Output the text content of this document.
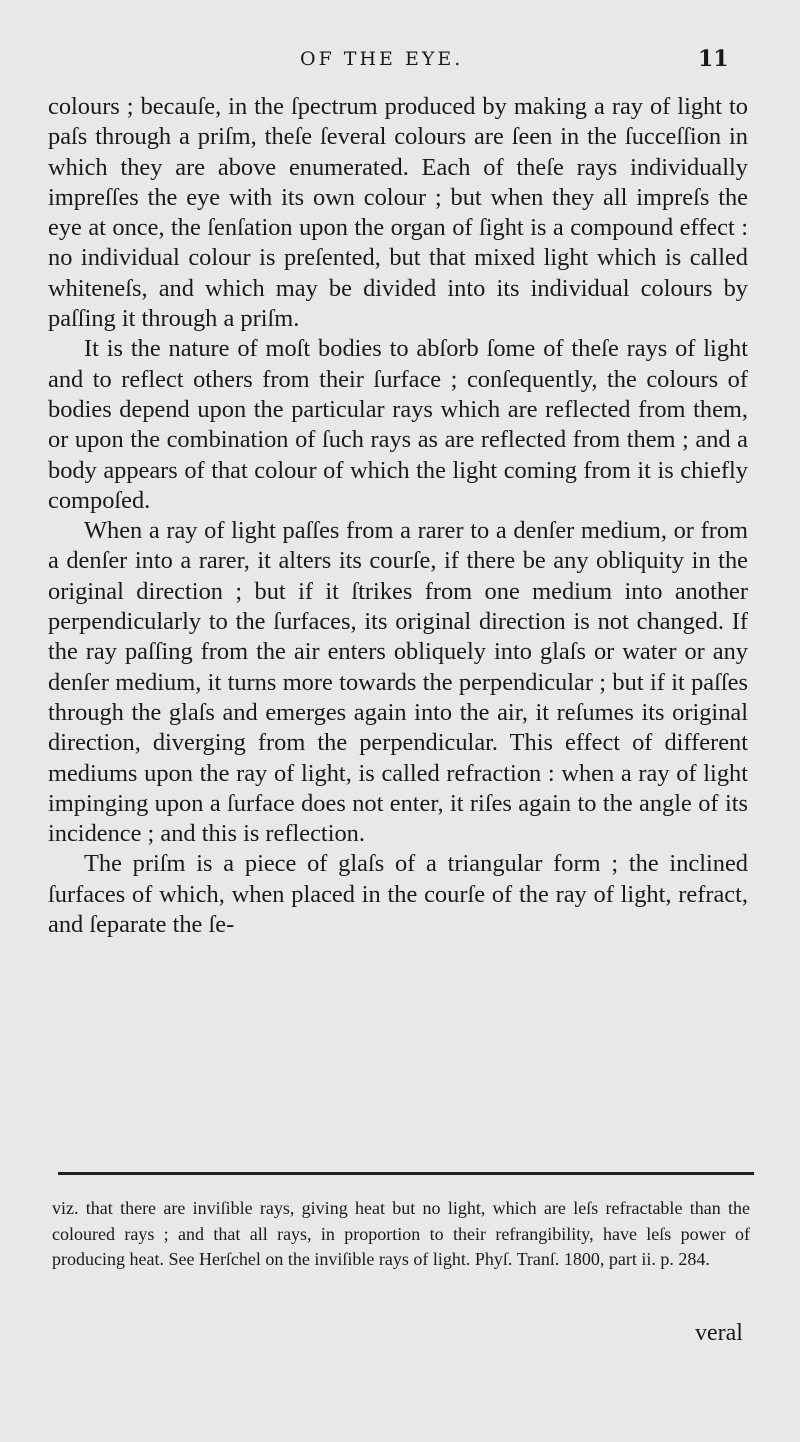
OF THE EYE.	11

colours ; becauſe, in the ſpectrum produced by making a ray of light to paſs through a priſm, theſe ſeveral colours are ſeen in the ſucceſſion in which they are above enumerated. Each of theſe rays individually impreſſes the eye with its own colour ; but when they all impreſs the eye at once, the ſenſation upon the organ of ſight is a compound effect : no individual colour is preſented, but that mixed light which is called whiteneſs, and which may be divided into its individual colours by paſſing it through a priſm.

It is the nature of moſt bodies to abſorb ſome of theſe rays of light and to reflect others from their ſurface ; conſequently, the colours of bodies depend upon the particular rays which are reflected from them, or upon the combination of ſuch rays as are reflected from them ; and a body appears of that colour of which the light coming from it is chiefly compoſed.

When a ray of light paſſes from a rarer to a denſer medium, or from a denſer into a rarer, it alters its courſe, if there be any obliquity in the original direction ; but if it ſtrikes from one medium into another perpendicularly to the ſurfaces, its original direction is not changed. If the ray paſſing from the air enters obliquely into glaſs or water or any denſer medium, it turns more towards the perpendicular ; but if it paſſes through the glaſs and emerges again into the air, it reſumes its original direction, diverging from the perpendicular. This effect of different mediums upon the ray of light, is called refraction : when a ray of light impinging upon a ſurface does not enter, it riſes again to the angle of its incidence ; and this is reflection.

The priſm is a piece of glaſs of a triangular form ; the inclined ſurfaces of which, when placed in the courſe of the ray of light, refract, and ſeparate the ſe-

viz. that there are inviſible rays, giving heat but no light, which are leſs refractable than the coloured rays ; and that all rays, in proportion to their refrangibility, have leſs power of producing heat. See Herſchel on the inviſible rays of light. Phyſ. Tranſ. 1800, part ii. p. 284.
veral
